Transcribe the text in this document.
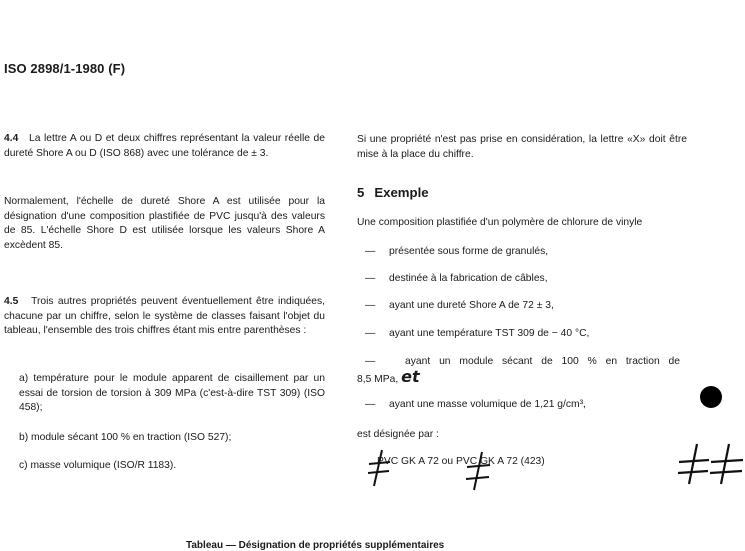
ISO 2898/1-1980 (F)
4.4 La lettre A ou D et deux chiffres représentant la valeur réelle de dureté Shore A ou D (ISO 868) avec une tolérance de ± 3.
Normalement, l'échelle de dureté Shore A est utilisée pour la désignation d'une composition plastifiée de PVC jusqu'à des valeurs de 85. L'échelle Shore D est utilisée lorsque les valeurs Shore A excèdent 85.
4.5 Trois autres propriétés peuvent éventuellement être indiquées, chacune par un chiffre, selon le système de classes faisant l'objet du tableau, l'ensemble des trois chiffres étant mis entre parenthèses :
a) température pour le module apparent de cisaillement par un essai de torsion de torsion à 309 MPa (c'est-à-dire TST 309) (ISO 458);
b) module sécant 100 % en traction (ISO 527);
c) masse volumique (ISO/R 1183).
Si une propriété n'est pas prise en considération, la lettre «X» doit être mise à la place du chiffre.
5 Exemple
Une composition plastifiée d'un polymère de chlorure de vinyle
— présentée sous forme de granulés,
— destinée à la fabrication de câbles,
— ayant une dureté Shore A de 72 ± 3,
— ayant une température TST 309 de − 40 °C,
—	ayant un module sécant de 100 % en traction de
8,5 MPa, et
— ayant une masse volumique de 1,21 g/cm³,
est désignée par :
PVC GK A 72 ou PVC GK A 72 (423)
Tableau — Désignation de propriétés supplémentaires
